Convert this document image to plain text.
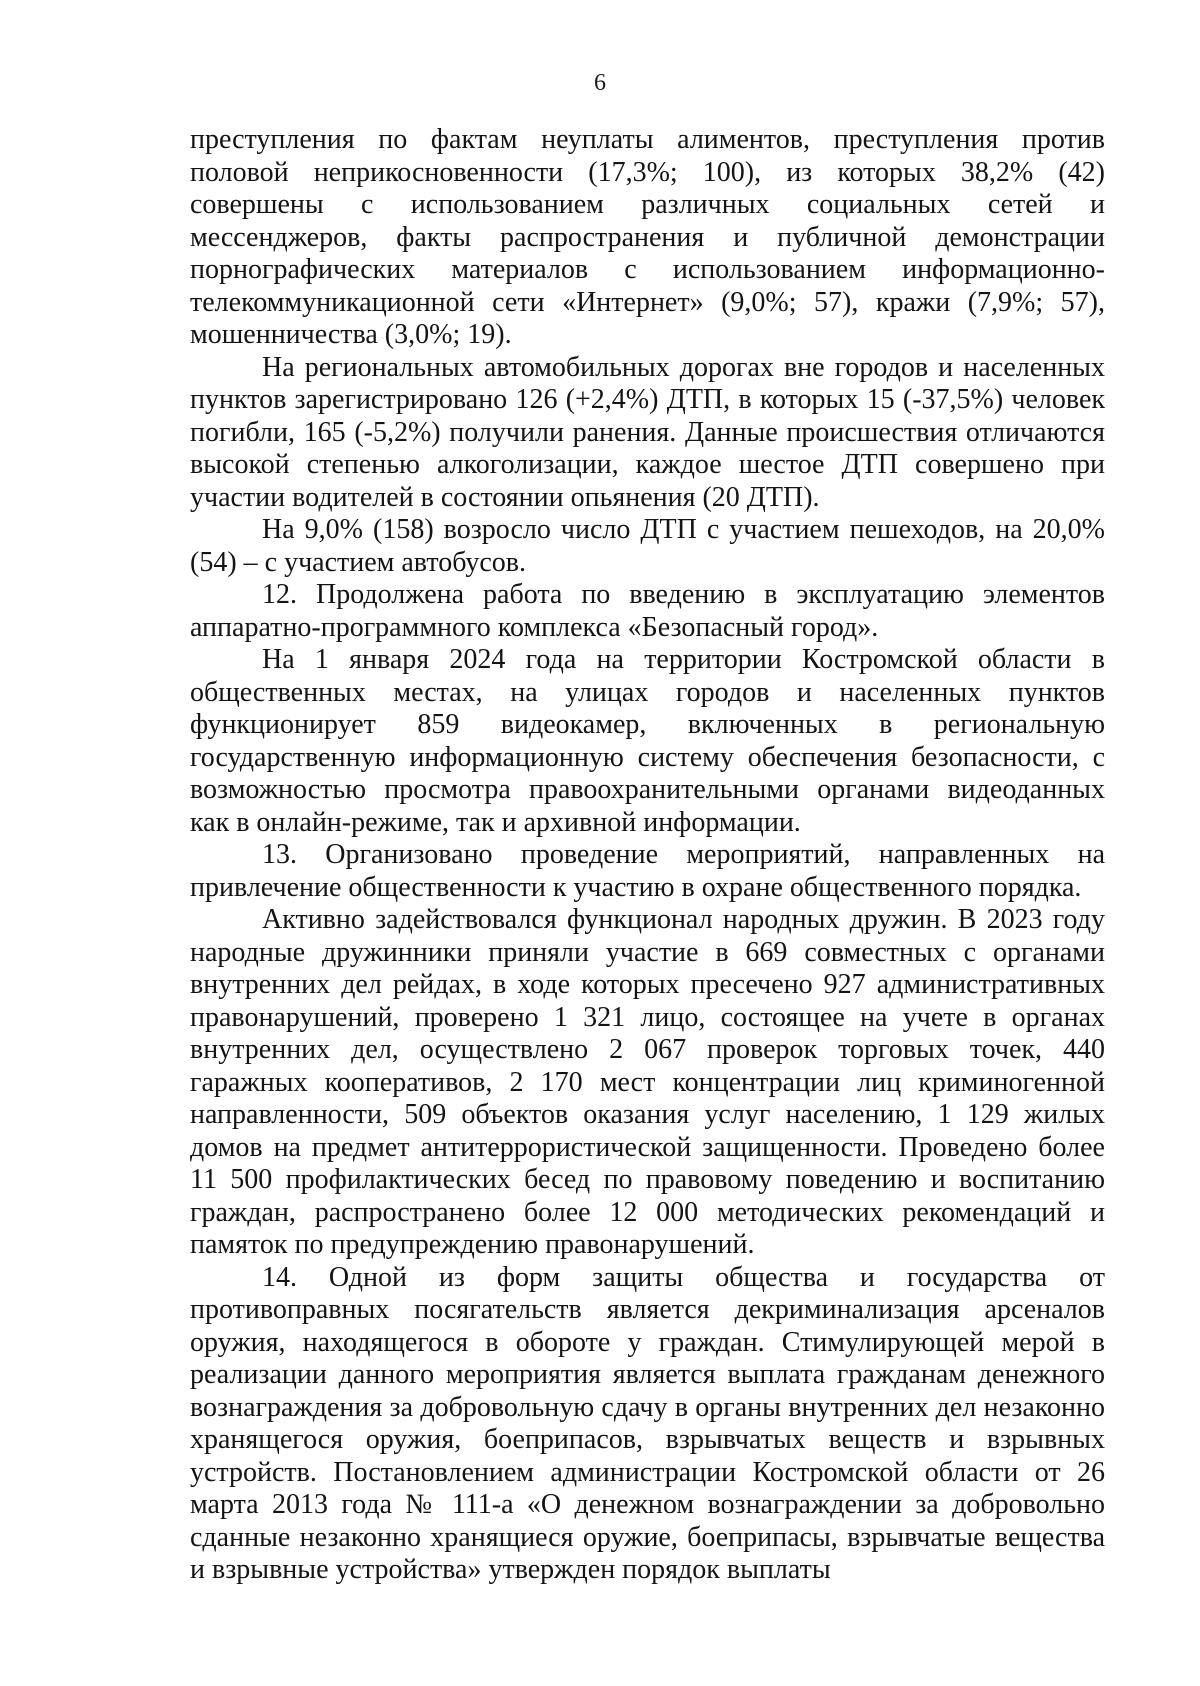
6

преступления по фактам неуплаты алиментов, преступления против половой неприкосновенности (17,3%; 100), из которых 38,2% (42) совершены с использованием различных социальных сетей и мессенджеров, факты распространения и публичной демонстрации порнографических материалов с использованием информационно-телекоммуникационной сети «Интернет» (9,0%; 57), кражи (7,9%; 57), мошенничества (3,0%; 19).

На региональных автомобильных дорогах вне городов и населенных пунктов зарегистрировано 126 (+2,4%) ДТП, в которых 15 (-37,5%) человек погибли, 165 (-5,2%) получили ранения. Данные происшествия отличаются высокой степенью алкоголизации, каждое шестое ДТП совершено при участии водителей в состоянии опьянения (20 ДТП).

На 9,0% (158) возросло число ДТП с участием пешеходов, на 20,0% (54) – с участием автобусов.

12. Продолжена работа по введению в эксплуатацию элементов аппаратно-программного комплекса «Безопасный город».

На 1 января 2024 года на территории Костромской области в общественных местах, на улицах городов и населенных пунктов функционирует 859 видеокамер, включенных в региональную государственную информационную систему обеспечения безопасности, с возможностью просмотра правоохранительными органами видеоданных как в онлайн-режиме, так и архивной информации.

13. Организовано проведение мероприятий, направленных на привлечение общественности к участию в охране общественного порядка.

Активно задействовался функционал народных дружин. В 2023 году народные дружинники приняли участие в 669 совместных с органами внутренних дел рейдах, в ходе которых пресечено 927 административных правонарушений, проверено 1 321 лицо, состоящее на учете в органах внутренних дел, осуществлено 2 067 проверок торговых точек, 440 гаражных кооперативов, 2 170 мест концентрации лиц криминогенной направленности, 509 объектов оказания услуг населению, 1 129 жилых домов на предмет антитеррористической защищенности. Проведено более 11 500 профилактических бесед по правовому поведению и воспитанию граждан, распространено более 12 000 методических рекомендаций и памяток по предупреждению правонарушений.

14. Одной из форм защиты общества и государства от противоправных посягательств является декриминализация арсеналов оружия, находящегося в обороте у граждан. Стимулирующей мерой в реализации данного мероприятия является выплата гражданам денежного вознаграждения за добровольную сдачу в органы внутренних дел незаконно хранящегося оружия, боеприпасов, взрывчатых веществ и взрывных устройств. Постановлением администрации Костромской области от 26 марта 2013 года № 111-а «О денежном вознаграждении за добровольно сданные незаконно хранящиеся оружие, боеприпасы, взрывчатые вещества и взрывные устройства» утвержден порядок выплаты
